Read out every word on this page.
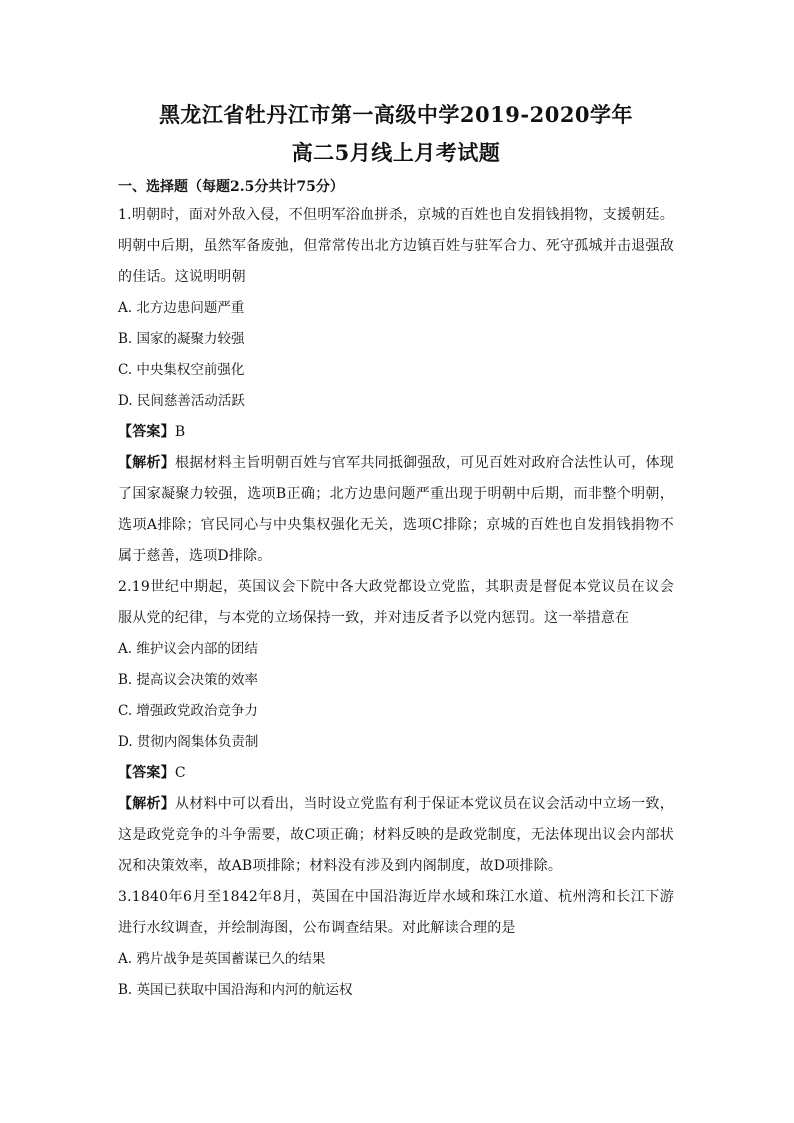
黑龙江省牡丹江市第一高级中学2019-2020学年
高二5月线上月考试题

一、选择题（每题2.5分共计75分）

1.明朝时，面对外敌入侵，不但明军浴血拼杀，京城的百姓也自发捐钱捐物，支援朝廷。明朝中后期，虽然军备废弛，但常常传出北方边镇百姓与驻军合力、死守孤城并击退强敌的佳话。这说明明朝

A. 北方边患问题严重

B. 国家的凝聚力较强

C. 中央集权空前强化

D. 民间慈善活动活跃

【答案】B

【解析】根据材料主旨明朝百姓与官军共同抵御强敌，可见百姓对政府合法性认可，体现了国家凝聚力较强，选项B正确；北方边患问题严重出现于明朝中后期，而非整个明朝，选项A排除；官民同心与中央集权强化无关，选项C排除；京城的百姓也自发捐钱捐物不属于慈善，选项D排除。

2.19世纪中期起，英国议会下院中各大政党都设立党监，其职责是督促本党议员在议会服从党的纪律，与本党的立场保持一致，并对违反者予以党内惩罚。这一举措意在

A. 维护议会内部的团结

B. 提高议会决策的效率

C. 增强政党政治竞争力

D. 贯彻内阁集体负责制

【答案】C

【解析】从材料中可以看出，当时设立党监有利于保证本党议员在议会活动中立场一致，这是政党竞争的斗争需要，故C项正确；材料反映的是政党制度，无法体现出议会内部状况和决策效率，故AB项排除；材料没有涉及到内阁制度，故D项排除。

3.1840年6月至1842年8月，英国在中国沿海近岸水域和珠江水道、杭州湾和长江下游进行水纹调查，并绘制海图，公布调查结果。对此解读合理的是

A. 鸦片战争是英国蓄谋已久的结果

B. 英国已获取中国沿海和内河的航运权
